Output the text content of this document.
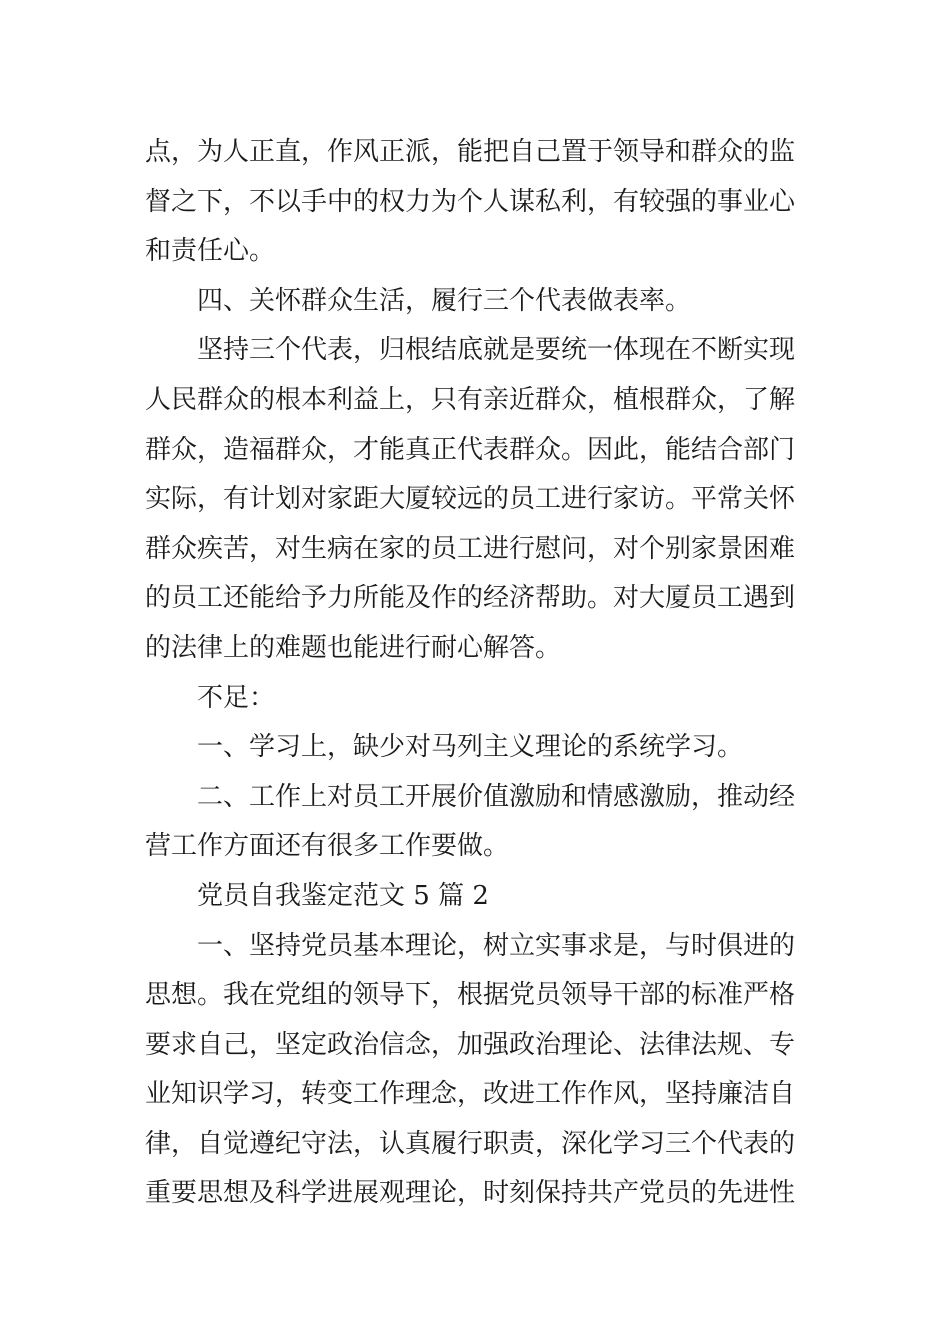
点，为人正直，作风正派，能把自己置于领导和群众的监
督之下，不以手中的权力为个人谋私利，有较强的事业心
和责任心。
四、关怀群众生活，履行三个代表做表率。
坚持三个代表，归根结底就是要统一体现在不断实现
人民群众的根本利益上，只有亲近群众，植根群众，了解
群众，造福群众，才能真正代表群众。因此，能结合部门
实际，有计划对家距大厦较远的员工进行家访。平常关怀
群众疾苦，对生病在家的员工进行慰问，对个别家景困难
的员工还能给予力所能及作的经济帮助。对大厦员工遇到
的法律上的难题也能进行耐心解答。
不足：
一、学习上，缺少对马列主义理论的系统学习。
二、工作上对员工开展价值激励和情感激励，推动经
营工作方面还有很多工作要做。
党员自我鉴定范文 5 篇 2
一、坚持党员基本理论，树立实事求是，与时俱进的
思想。我在党组的领导下，根据党员领导干部的标准严格
要求自己，坚定政治信念，加强政治理论、法律法规、专
业知识学习，转变工作理念，改进工作作风，坚持廉洁自
律，自觉遵纪守法，认真履行职责，深化学习三个代表的
重要思想及科学进展观理论，时刻保持共产党员的先进性
